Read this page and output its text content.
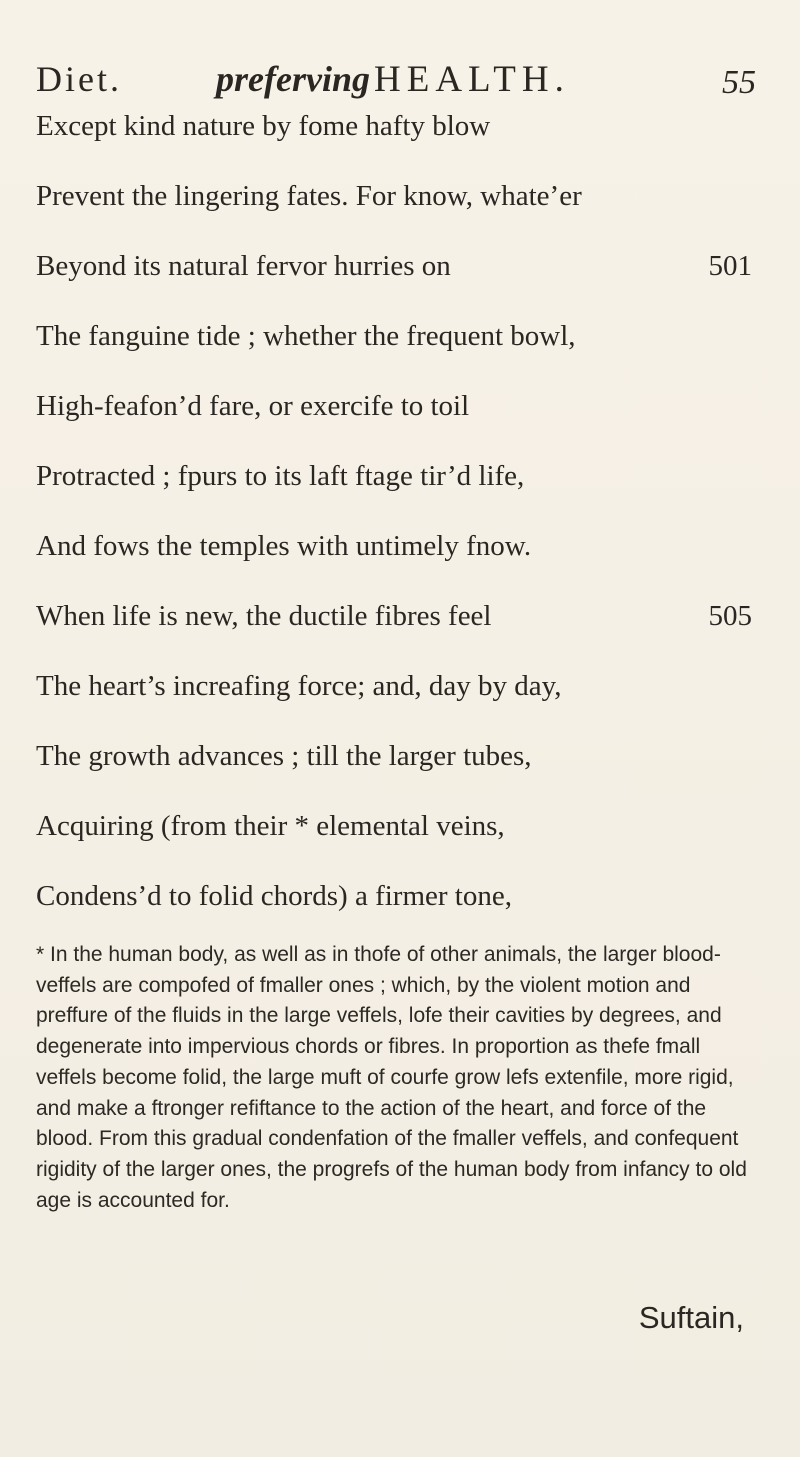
Diet.	preferving HEALTH.	55
Except kind nature by fome hafty blow
Prevent the lingering fates. For know, whate’er
Beyond its natural fervor hurries on	501
The fanguine tide ; whether the frequent bowl,
High-feafon’d fare, or exercife to toil
Protracted ; fpurs to its laft ftage tir’d life,
And fows the temples with untimely fnow.
When life is new, the ductile fibres feel	505
The heart’s increafing force; and, day by day,
The growth advances ; till the larger tubes,
Acquiring (from their * elemental veins,
Condens’d to folid chords) a firmer tone,

* In the human body, as well as in thofe of other animals, the larger blood-veffels are compofed of fmaller ones ; which, by the violent motion and preffure of the fluids in the large veffels, lofe their cavities by degrees, and degenerate into impervious chords or fibres. In proportion as thefe fmall veffels become folid, the large muft of courfe grow lefs extenfile, more rigid, and make a ftronger refiftance to the action of the heart, and force of the blood. From this gradual condenfation of the fmaller veffels, and confequent rigidity of the larger ones, the progrefs of the human body from infancy to old age is accounted for.

Suftain,
